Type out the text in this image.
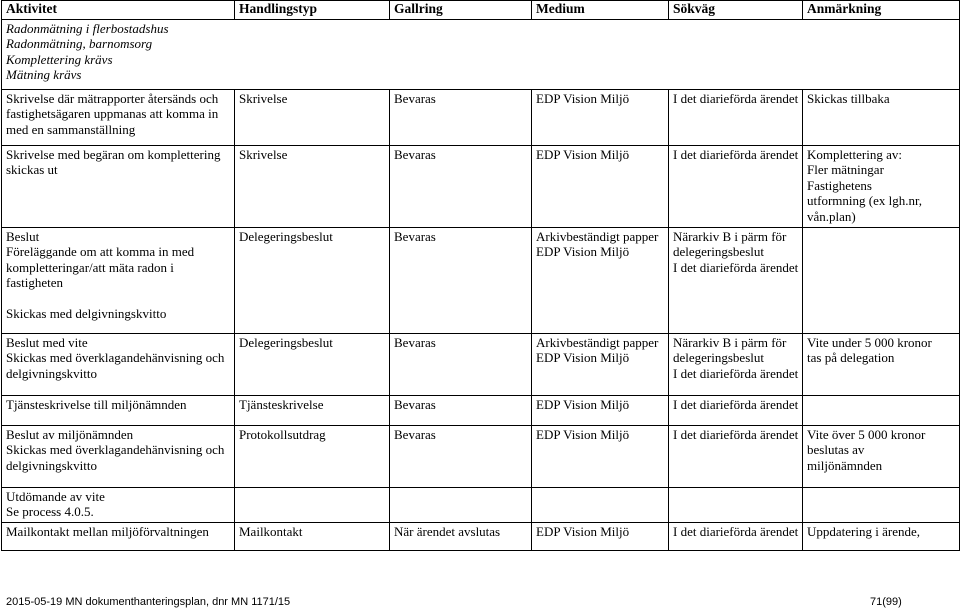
Aktivitet	Handlingstyp	Gallring	Medium	Sökväg	Anmärkning

Radonmätning i flerbostadshus
Radonmätning, barnomsorg
Komplettering krävs
Mätning krävs					

Skrivelse där mätrapporter återsänds och
fastighetsägaren uppmanas att komma in
med en sammanställning	Skrivelse	Bevaras	EDP Vision Miljö	I det diarieförda ärendet	Skickas tillbaka

Skrivelse med begäran om komplettering
skickas ut	Skrivelse	Bevaras	EDP Vision Miljö	I det diarieförda ärendet	Komplettering av:
Fler mätningar
Fastighetens
utformning (ex lgh.nr,
vån.plan)

Beslut
Föreläggande om att komma in med
kompletteringar/att mäta radon i
fastigheten

Skickas med delgivningskvitto	Delegeringsbeslut	Bevaras	Arkivbeständigt papper
EDP Vision Miljö	Närarkiv B i pärm för
delegeringsbeslut
I det diarieförda ärendet	

Beslut med vite
Skickas med överklagandehänvisning och
delgivningskvitto	Delegeringsbeslut	Bevaras	Arkivbeständigt papper
EDP Vision Miljö	Närarkiv B i pärm för
delegeringsbeslut
I det diarieförda ärendet	Vite under 5 000 kronor
tas på delegation

Tjänsteskrivelse till miljönämnden	Tjänsteskrivelse	Bevaras	EDP Vision Miljö	I det diarieförda ärendet	

Beslut av miljönämnden
Skickas med överklagandehänvisning och
delgivningskvitto	Protokollsutdrag	Bevaras	EDP Vision Miljö	I det diarieförda ärendet	Vite över 5 000 kronor
beslutas av
miljönämnden

Utdömande av vite
Se process 4.0.5.					

Mailkontakt mellan miljöförvaltningen	Mailkontakt	När ärendet avslutas	EDP Vision Miljö	I det diarieförda ärendet	Uppdatering i ärende,
2015-05-19 MN dokumenthanteringsplan, dnr MN 1171/15	71(99)
